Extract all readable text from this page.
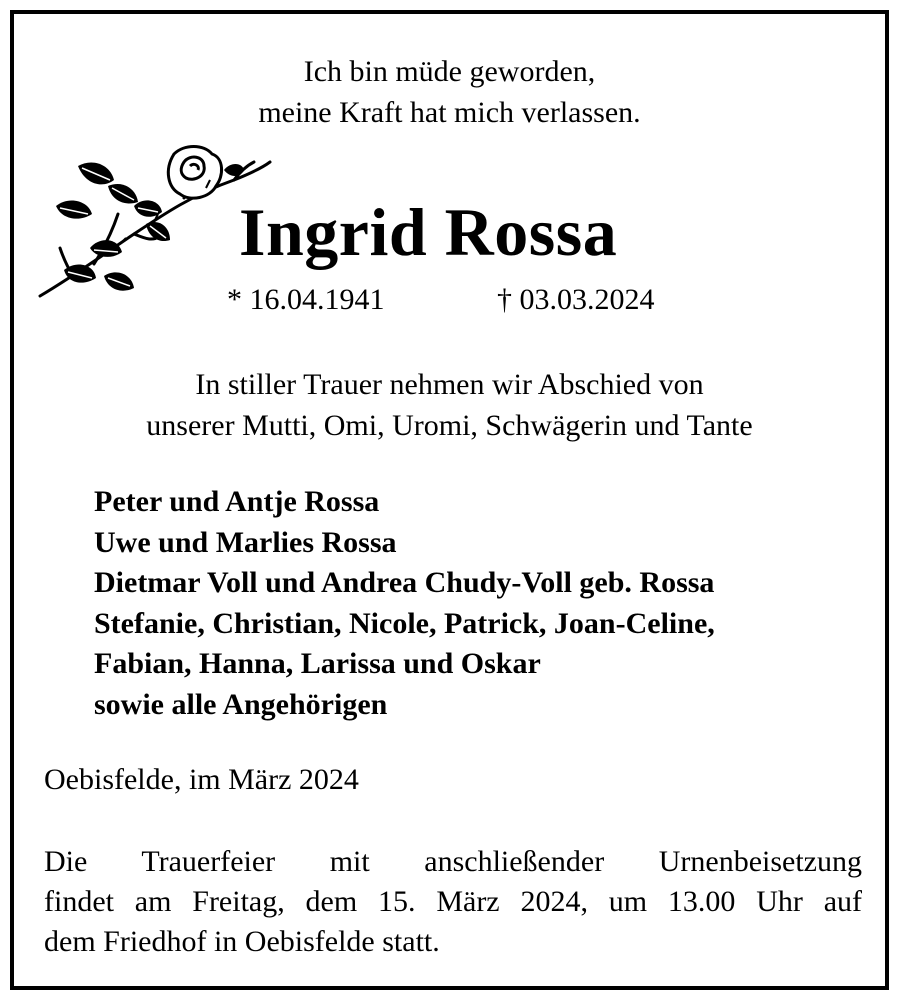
Ich bin müde geworden,
meine Kraft hat mich verlassen.
Ingrid Rossa
* 16.04.1941	† 03.03.2024
In stiller Trauer nehmen wir Abschied von
unserer Mutti, Omi, Uromi, Schwägerin und Tante
Peter und Antje Rossa
Uwe und Marlies Rossa
Dietmar Voll und Andrea Chudy-Voll geb. Rossa
Stefanie, Christian, Nicole, Patrick, Joan-Celine,
Fabian, Hanna, Larissa und Oskar
sowie alle Angehörigen
Oebisfelde, im März 2024
Die Trauerfeier mit anschließender Urnenbeisetzung
findet am Freitag, dem 15. März 2024, um 13.00 Uhr auf
dem Friedhof in Oebisfelde statt.
